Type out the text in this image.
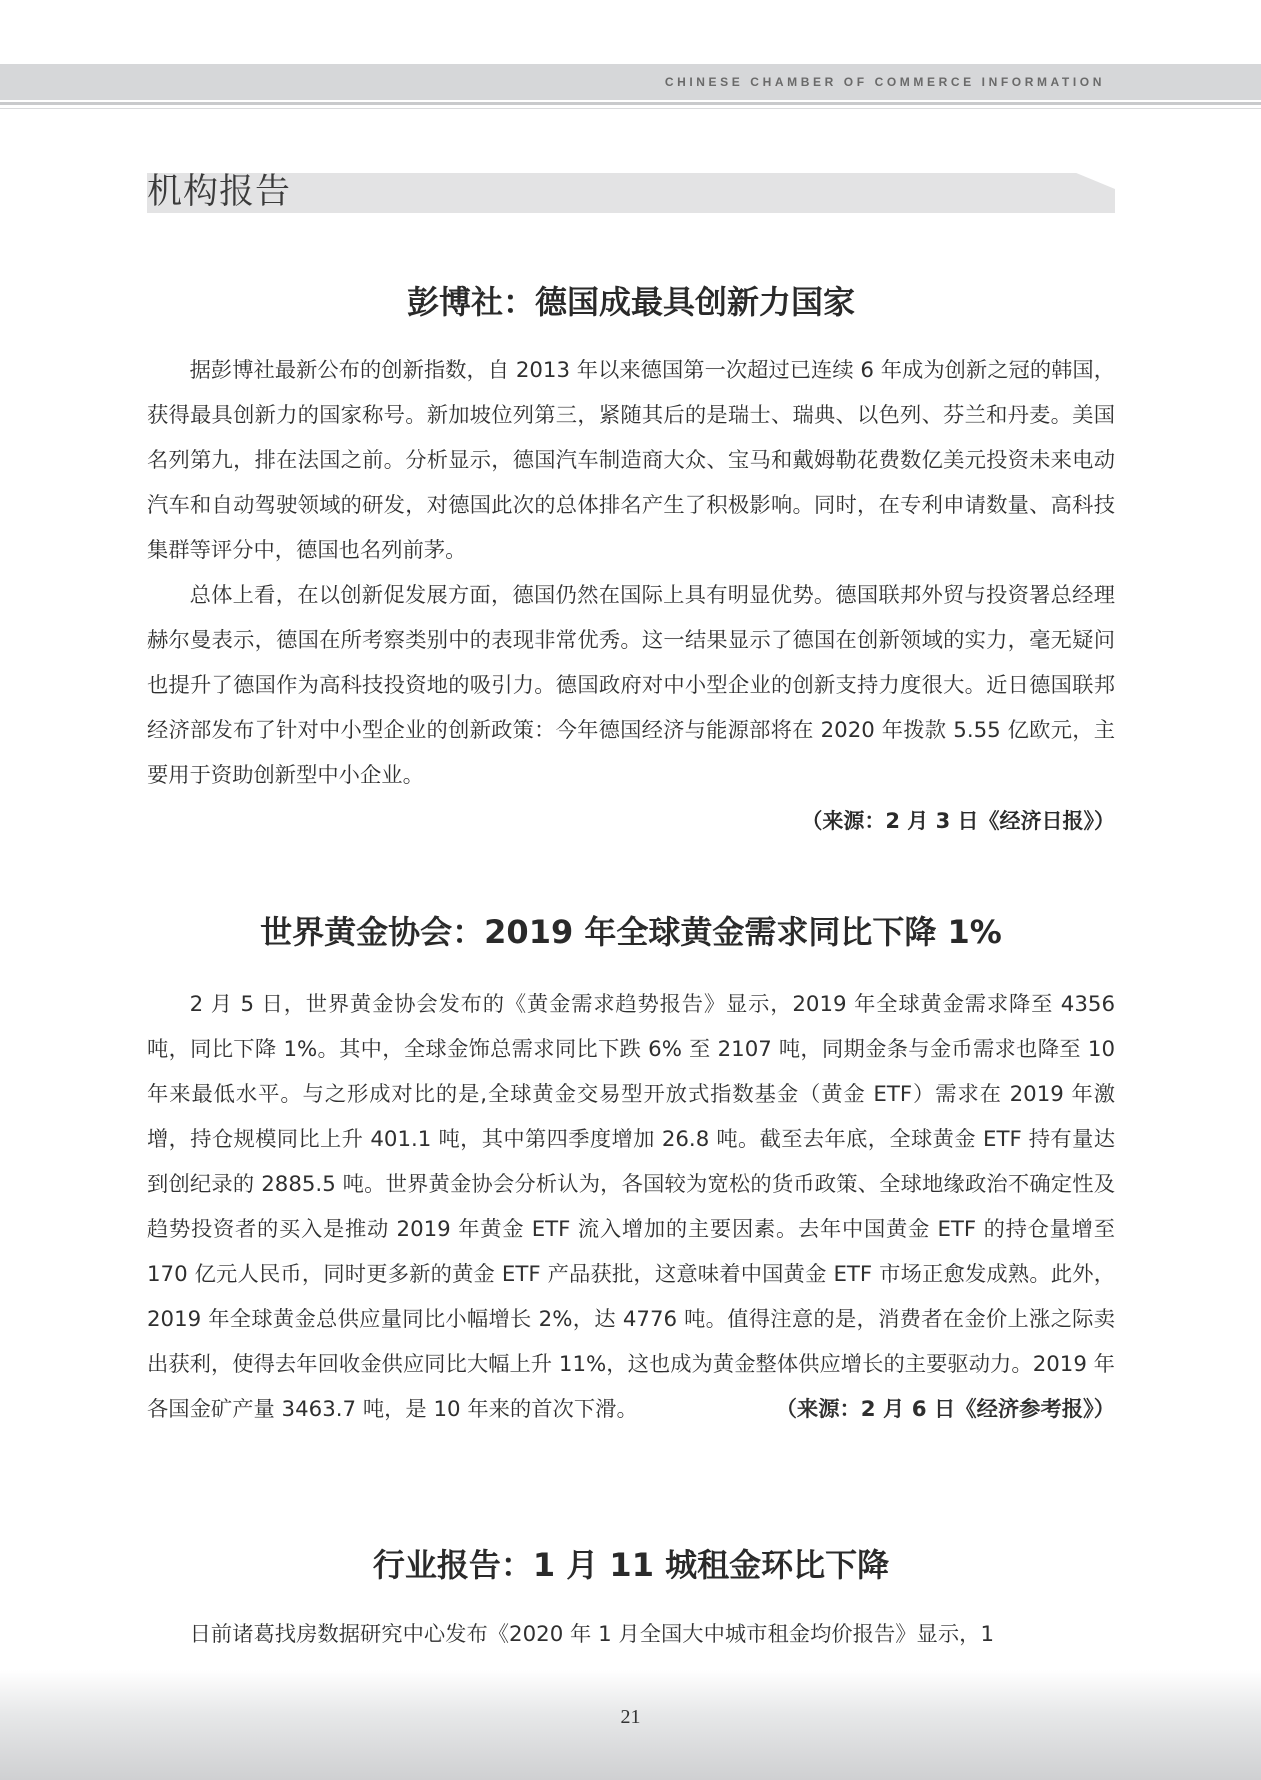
CHINESE CHAMBER OF COMMERCE INFORMATION
机构报告
彭博社：德国成最具创新力国家

据彭博社最新公布的创新指数，自 2013 年以来德国第一次超过已连续 6 年成为创新之冠的韩国，获得最具创新力的国家称号。新加坡位列第三，紧随其后的是瑞士、瑞典、以色列、芬兰和丹麦。美国名列第九，排在法国之前。分析显示，德国汽车制造商大众、宝马和戴姆勒花费数亿美元投资未来电动汽车和自动驾驶领域的研发，对德国此次的总体排名产生了积极影响。同时，在专利申请数量、高科技集群等评分中，德国也名列前茅。

总体上看，在以创新促发展方面，德国仍然在国际上具有明显优势。德国联邦外贸与投资署总经理赫尔曼表示，德国在所考察类别中的表现非常优秀。这一结果显示了德国在创新领域的实力，毫无疑问也提升了德国作为高科技投资地的吸引力。德国政府对中小型企业的创新支持力度很大。近日德国联邦经济部发布了针对中小型企业的创新政策：今年德国经济与能源部将在 2020 年拨款 5.55 亿欧元，主要用于资助创新型中小企业。

（来源：2 月 3 日《经济日报》）
世界黄金协会：2019 年全球黄金需求同比下降 1%

2 月 5 日，世界黄金协会发布的《黄金需求趋势报告》显示，2019 年全球黄金需求降至 4356 吨，同比下降 1%。其中，全球金饰总需求同比下跌 6% 至 2107 吨，同期金条与金币需求也降至 10 年来最低水平。与之形成对比的是,全球黄金交易型开放式指数基金（黄金 ETF）需求在 2019 年激增，持仓规模同比上升 401.1 吨，其中第四季度增加 26.8 吨。截至去年底，全球黄金 ETF 持有量达到创纪录的 2885.5 吨。世界黄金协会分析认为，各国较为宽松的货币政策、全球地缘政治不确定性及趋势投资者的买入是推动 2019 年黄金 ETF 流入增加的主要因素。去年中国黄金 ETF 的持仓量增至 170 亿元人民币，同时更多新的黄金 ETF 产品获批，这意味着中国黄金 ETF 市场正愈发成熟。此外，2019 年全球黄金总供应量同比小幅增长 2%，达 4776 吨。值得注意的是，消费者在金价上涨之际卖出获利，使得去年回收金供应同比大幅上升 11%，这也成为黄金整体供应增长的主要驱动力。2019 年各国金矿产量 3463.7 吨，是 10 年来的首次下滑。	（来源：2 月 6 日《经济参考报》）

行业报告：1 月 11 城租金环比下降

日前诸葛找房数据研究中心发布《2020 年 1 月全国大中城市租金均价报告》显示，1

21
